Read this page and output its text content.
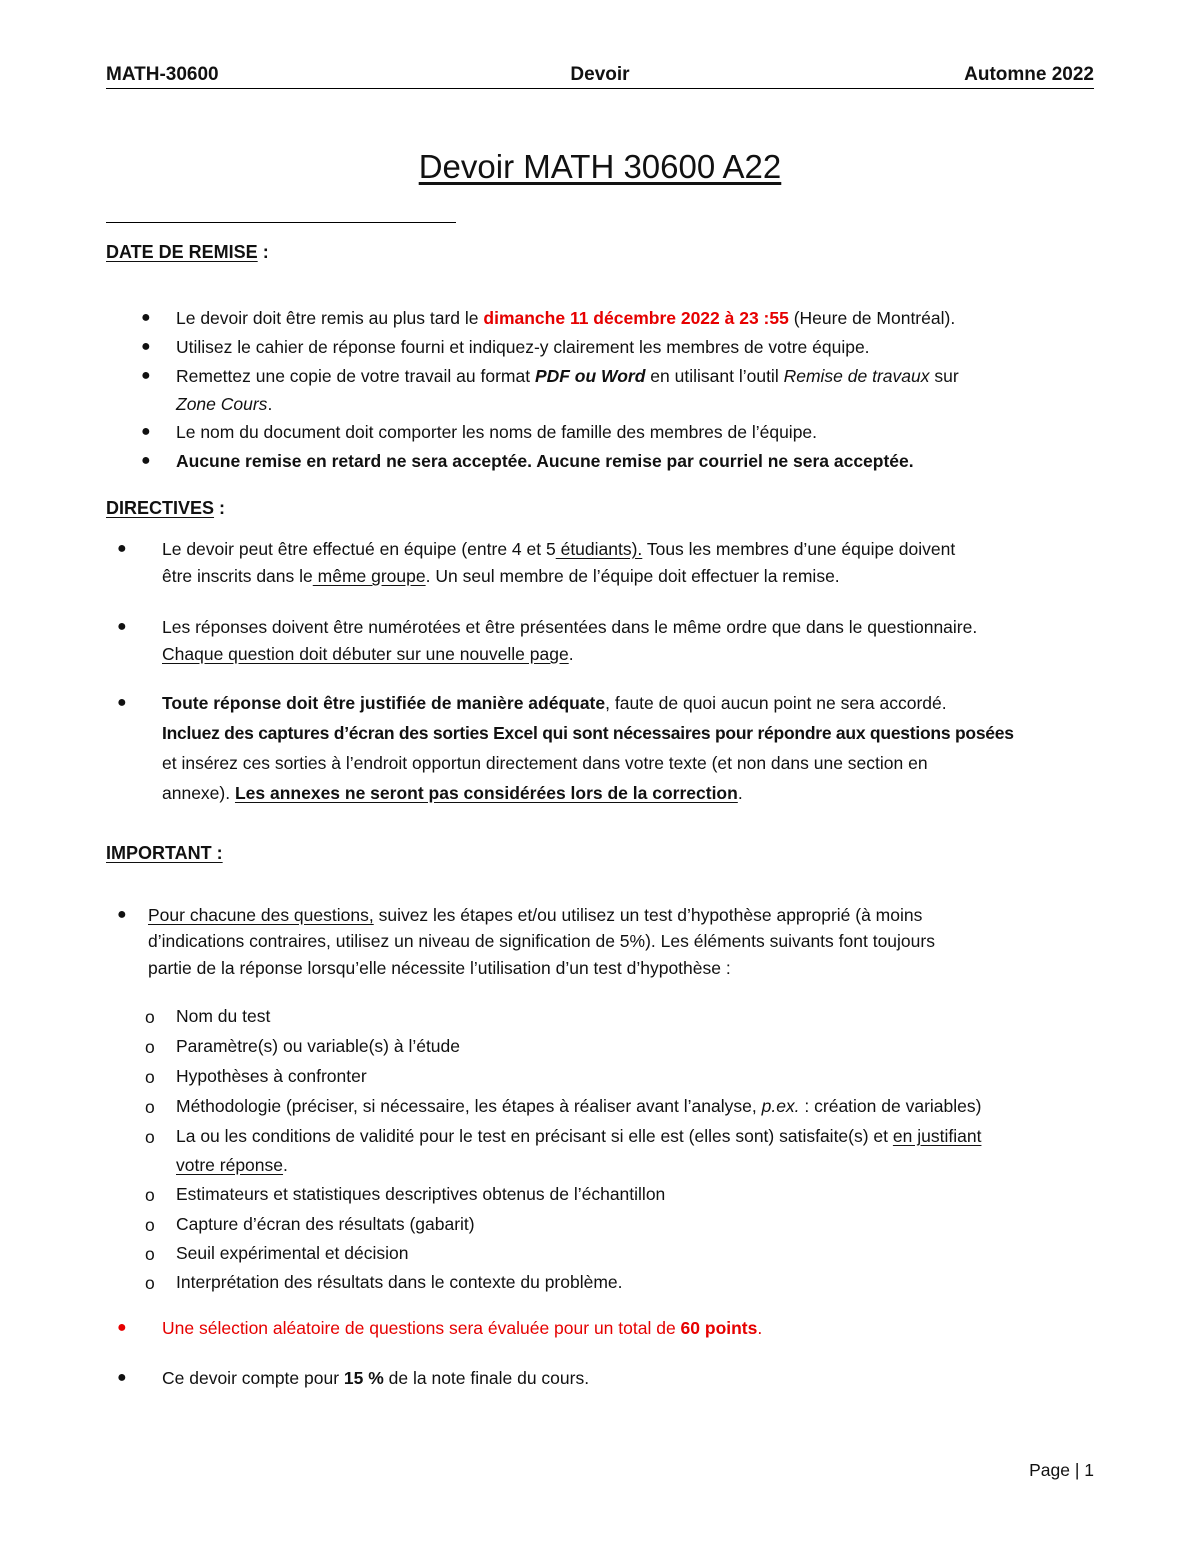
MATH-30600	Devoir	Automne 2022
Devoir MATH 30600 A22
DATE DE REMISE :
● Le devoir doit être remis au plus tard le dimanche 11 décembre 2022 à 23 :55 (Heure de Montréal).
● Utilisez le cahier de réponse fourni et indiquez-y clairement les membres de votre équipe.
● Remettez une copie de votre travail au format PDF ou Word en utilisant l’outil Remise de travaux sur
Zone Cours.
● Le nom du document doit comporter les noms de famille des membres de l’équipe.
● Aucune remise en retard ne sera acceptée. Aucune remise par courriel ne sera acceptée.
DIRECTIVES :
● Le devoir peut être effectué en équipe (entre 4 et 5 étudiants). Tous les membres d’une équipe doivent
être inscrits dans le même groupe. Un seul membre de l’équipe doit effectuer la remise.
● Les réponses doivent être numérotées et être présentées dans le même ordre que dans le questionnaire.
Chaque question doit débuter sur une nouvelle page.
● Toute réponse doit être justifiée de manière adéquate, faute de quoi aucun point ne sera accordé.
Incluez des captures d’écran des sorties Excel qui sont nécessaires pour répondre aux questions posées
et insérez ces sorties à l’endroit opportun directement dans votre texte (et non dans une section en
annexe). Les annexes ne seront pas considérées lors de la correction.
IMPORTANT :
● Pour chacune des questions, suivez les étapes et/ou utilisez un test d’hypothèse approprié (à moins
d’indications contraires, utilisez un niveau de signification de 5%). Les éléments suivants font toujours
partie de la réponse lorsqu’elle nécessite l’utilisation d’un test d’hypothèse :
o Nom du test
o Paramètre(s) ou variable(s) à l’étude
o Hypothèses à confronter
o Méthodologie (préciser, si nécessaire, les étapes à réaliser avant l’analyse, p.ex. : création de variables)
o La ou les conditions de validité pour le test en précisant si elle est (elles sont) satisfaite(s) et en justifiant
votre réponse.
o Estimateurs et statistiques descriptives obtenus de l’échantillon
o Capture d’écran des résultats (gabarit)
o Seuil expérimental et décision
o Interprétation des résultats dans le contexte du problème.
● Une sélection aléatoire de questions sera évaluée pour un total de 60 points.
● Ce devoir compte pour 15 % de la note finale du cours.
Page | 1
